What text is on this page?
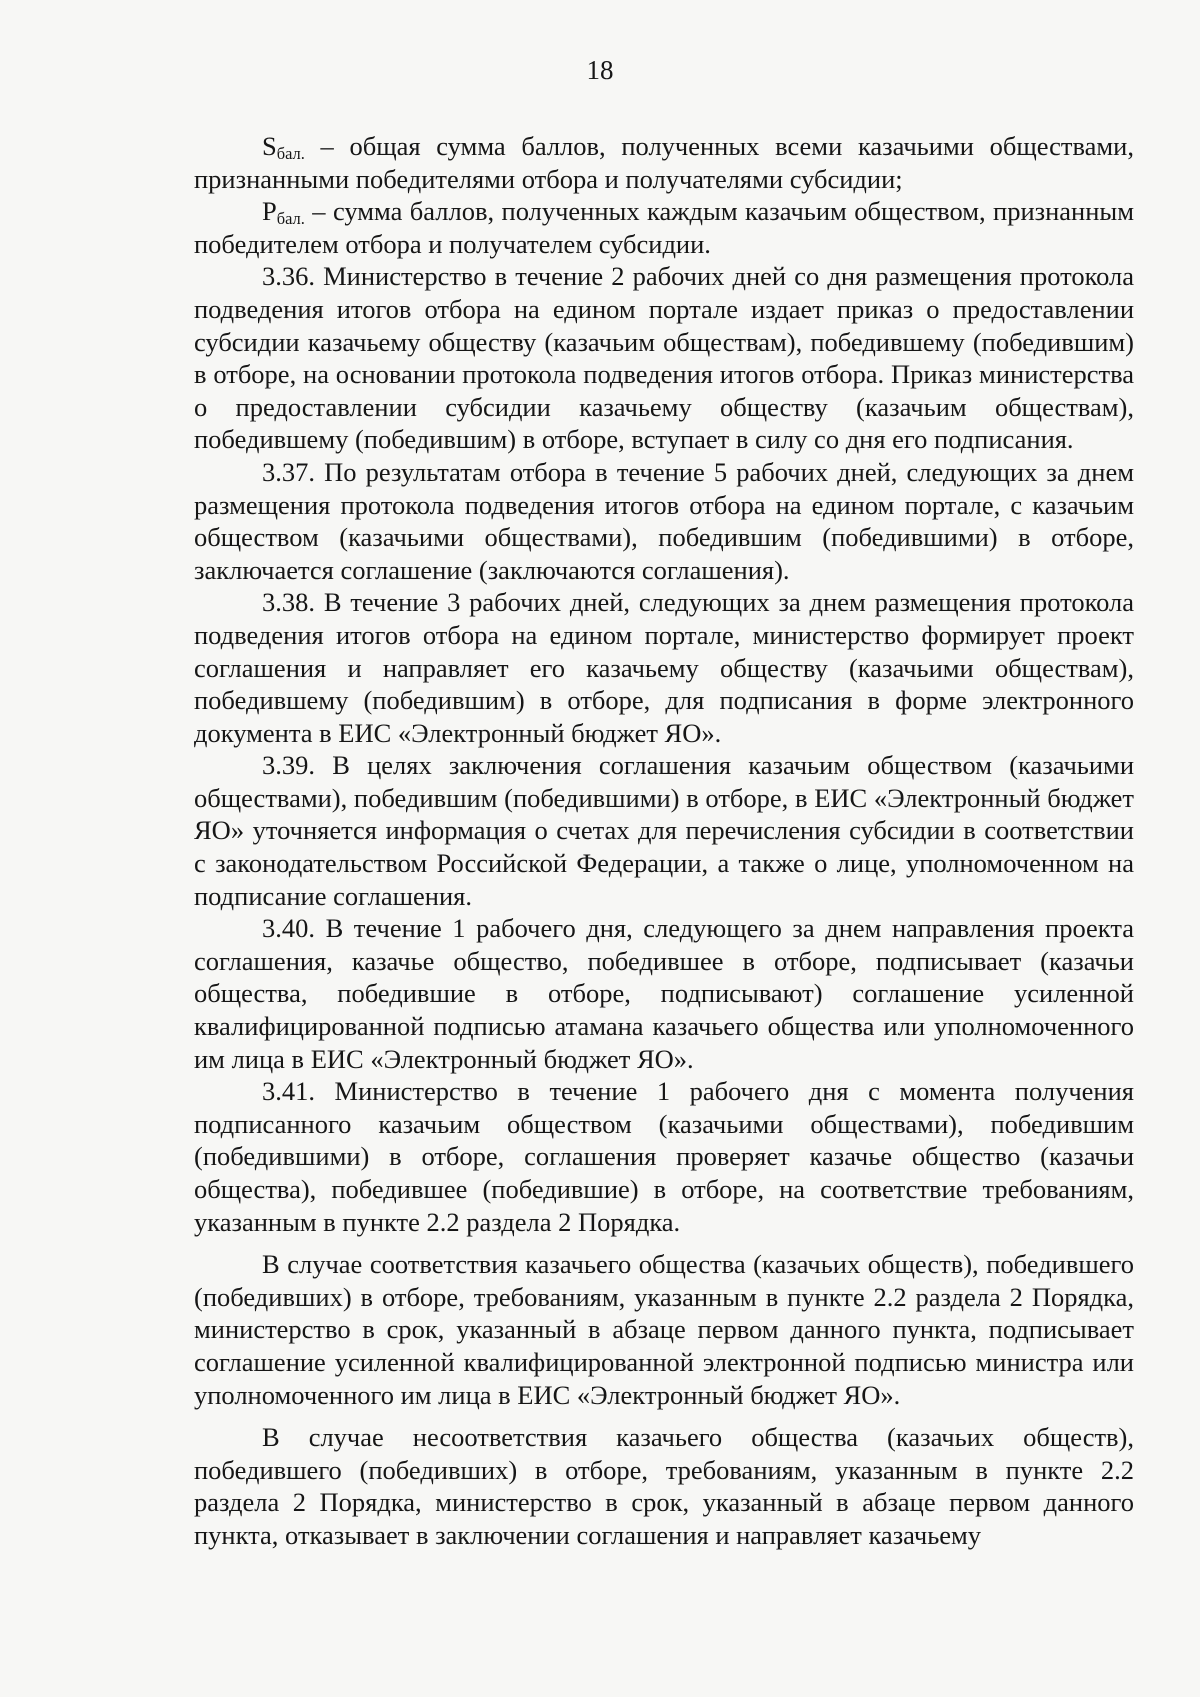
18

$S_{бал.}$ – общая сумма баллов, полученных всеми казачьими обществами, признанными победителями отбора и получателями субсидии;

$P_{бал.}$ – сумма баллов, полученных каждым казачьим обществом, признанным победителем отбора и получателем субсидии.

3.36. Министерство в течение 2 рабочих дней со дня размещения протокола подведения итогов отбора на едином портале издает приказ о предоставлении субсидии казачьему обществу (казачьим обществам), победившему (победившим) в отборе, на основании протокола подведения итогов отбора. Приказ министерства о предоставлении субсидии казачьему обществу (казачьим обществам), победившему (победившим) в отборе, вступает в силу со дня его подписания.

3.37. По результатам отбора в течение 5 рабочих дней, следующих за днем размещения протокола подведения итогов отбора на едином портале, с казачьим обществом (казачьими обществами), победившим (победившими) в отборе, заключается соглашение (заключаются соглашения).

3.38. В течение 3 рабочих дней, следующих за днем размещения протокола подведения итогов отбора на едином портале, министерство формирует проект соглашения и направляет его казачьему обществу (казачьими обществам), победившему (победившим) в отборе, для подписания в форме электронного документа в ЕИС «Электронный бюджет ЯО».

3.39. В целях заключения соглашения казачьим обществом (казачьими обществами), победившим (победившими) в отборе, в ЕИС «Электронный бюджет ЯО» уточняется информация о счетах для перечисления субсидии в соответствии с законодательством Российской Федерации, а также о лице, уполномоченном на подписание соглашения.

3.40. В течение 1 рабочего дня, следующего за днем направления проекта соглашения, казачье общество, победившее в отборе, подписывает (казачьи общества, победившие в отборе, подписывают) соглашение усиленной квалифицированной подписью атамана казачьего общества или уполномоченного им лица в ЕИС «Электронный бюджет ЯО».

3.41. Министерство в течение 1 рабочего дня с момента получения подписанного казачьим обществом (казачьими обществами), победившим (победившими) в отборе, соглашения проверяет казачье общество (казачьи общества), победившее (победившие) в отборе, на соответствие требованиям, указанным в пункте 2.2 раздела 2 Порядка.

В случае соответствия казачьего общества (казачьих обществ), победившего (победивших) в отборе, требованиям, указанным в пункте 2.2 раздела 2 Порядка, министерство в срок, указанный в абзаце первом данного пункта, подписывает соглашение усиленной квалифицированной электронной подписью министра или уполномоченного им лица в ЕИС «Электронный бюджет ЯО».

В случае несоответствия казачьего общества (казачьих обществ), победившего (победивших) в отборе, требованиям, указанным в пункте 2.2 раздела 2 Порядка, министерство в срок, указанный в абзаце первом данного пункта, отказывает в заключении соглашения и направляет казачьему
